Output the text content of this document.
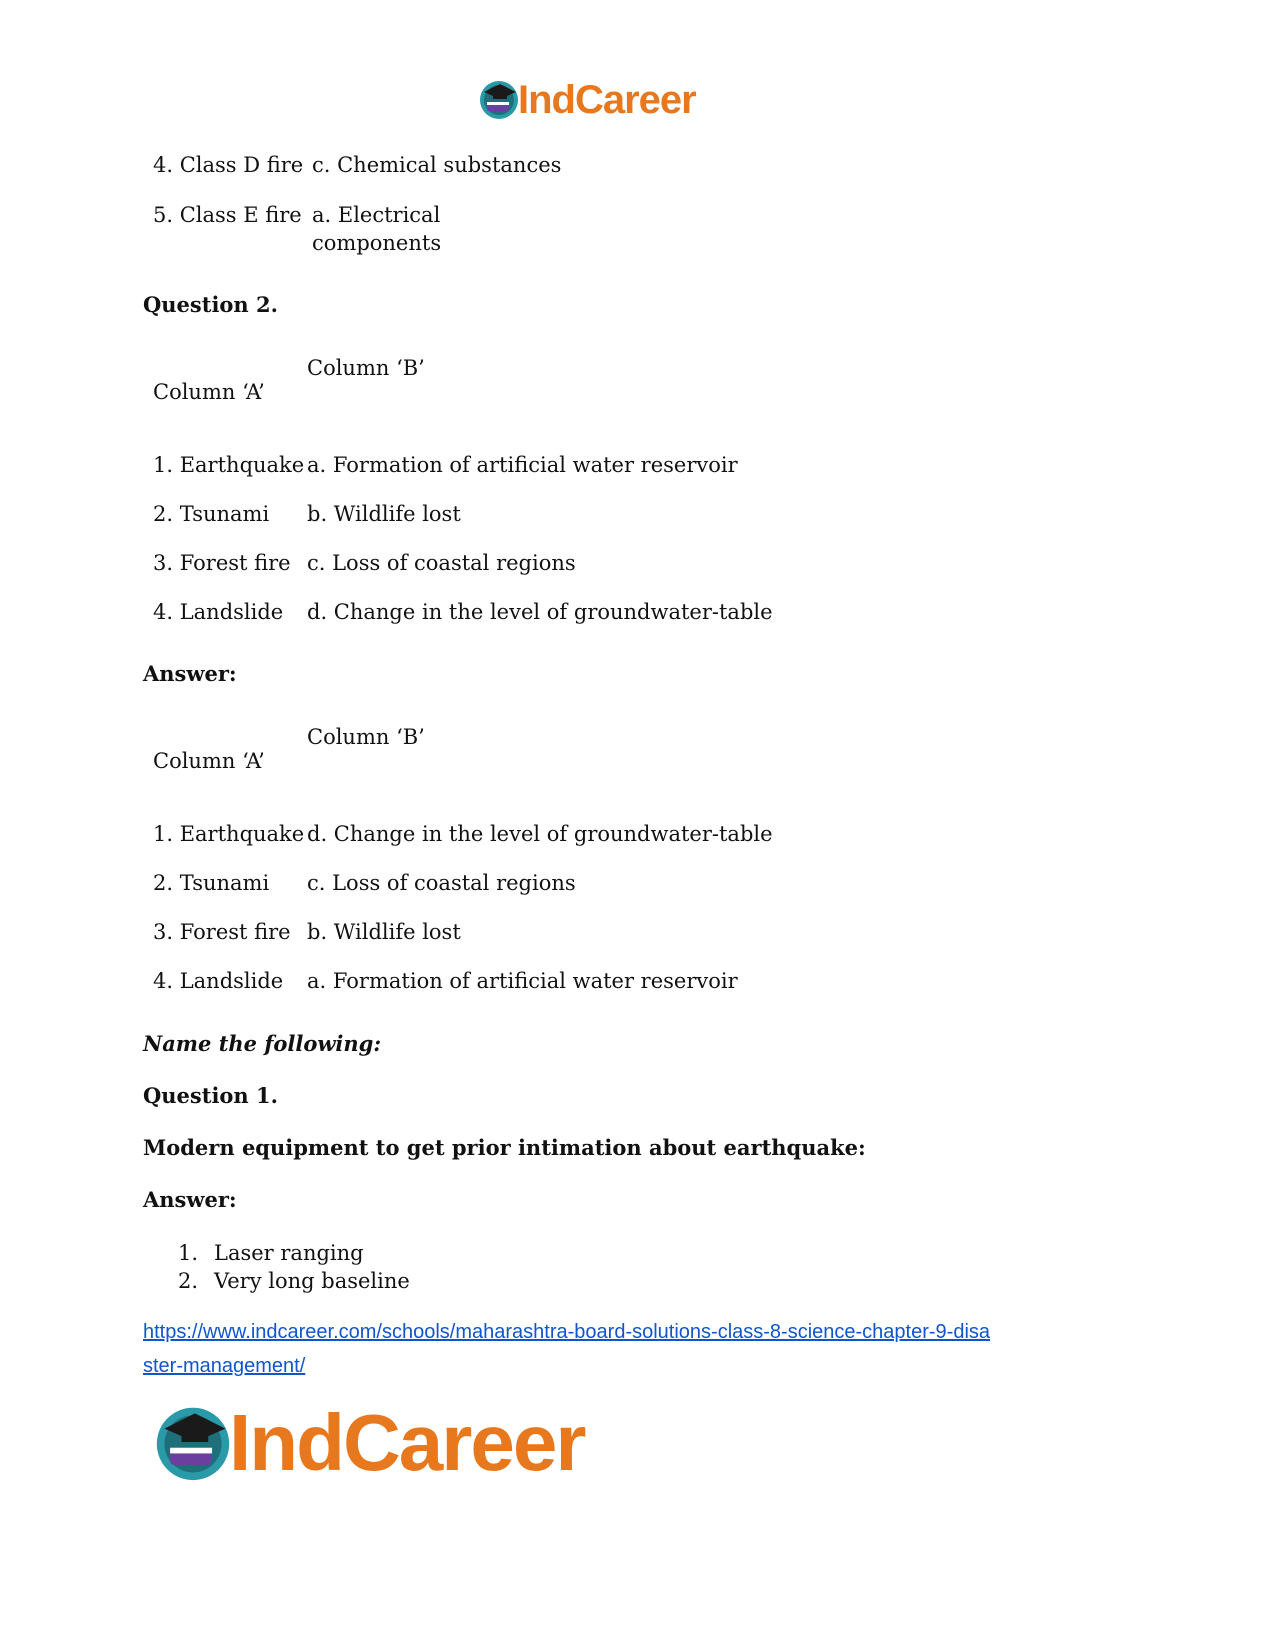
IndCareer
4. Class D fire c. Chemical substances
5. Class E fire a. Electrical
components
Question 2.
Column ‘B’
Column ‘A’
1. Earthquake a. Formation of artificial water reservoir
2. Tsunami b. Wildlife lost
3. Forest fire c. Loss of coastal regions
4. Landslide d. Change in the level of groundwater-table
Answer:
Column ‘B’
Column ‘A’
1. Earthquake d. Change in the level of groundwater-table
2. Tsunami c. Loss of coastal regions
3. Forest fire b. Wildlife lost
4. Landslide a. Formation of artificial water reservoir
Name the following:
Question 1.
Modern equipment to get prior intimation about earthquake:
Answer:
1. Laser ranging
2. Very long baseline
https://www.indcareer.com/schools/maharashtra-board-solutions-class-8-science-chapter-9-disa
ster-management/
IndCareer
